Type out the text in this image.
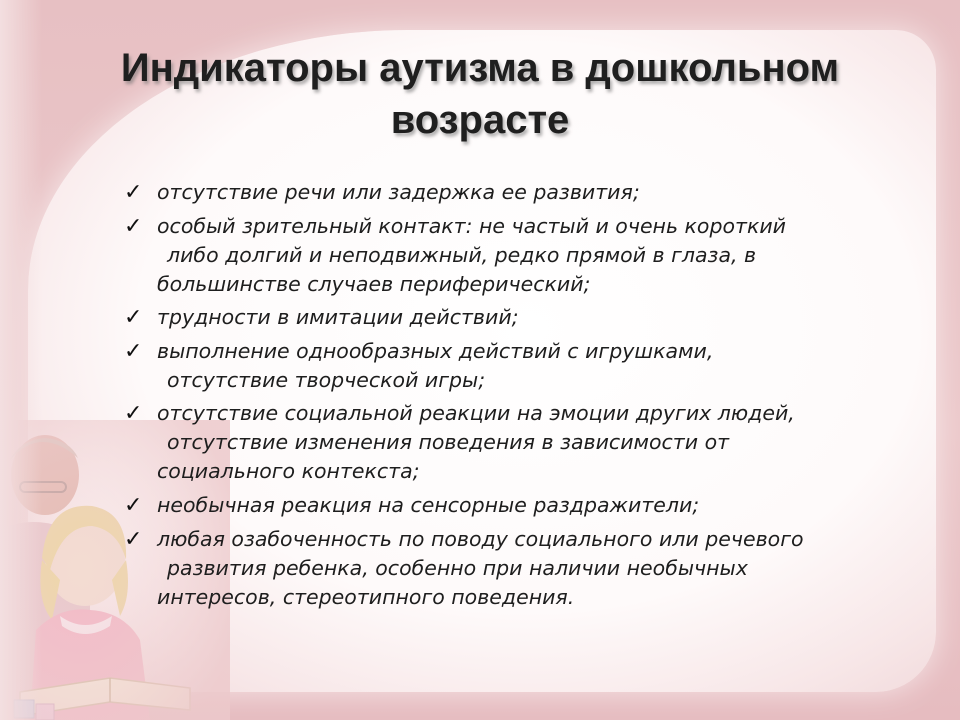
Индикаторы аутизма в дошкольном
возрасте
✓ отсутствие речи или задержка ее развития;
✓ особый зрительный контакт: не частый и очень короткий
либо долгий и неподвижный, редко прямой в глаза, в
большинстве случаев периферический;
✓ трудности в имитации действий;
✓ выполнение однообразных действий с игрушками,
отсутствие творческой игры;
✓ отсутствие социальной реакции на эмоции других людей,
отсутствие изменения поведения в зависимости от
социального контекста;
✓ необычная реакция на сенсорные раздражители;
✓ любая озабоченность по поводу социального или речевого
развития ребенка, особенно при наличии необычных
интересов, стереотипного поведения.
